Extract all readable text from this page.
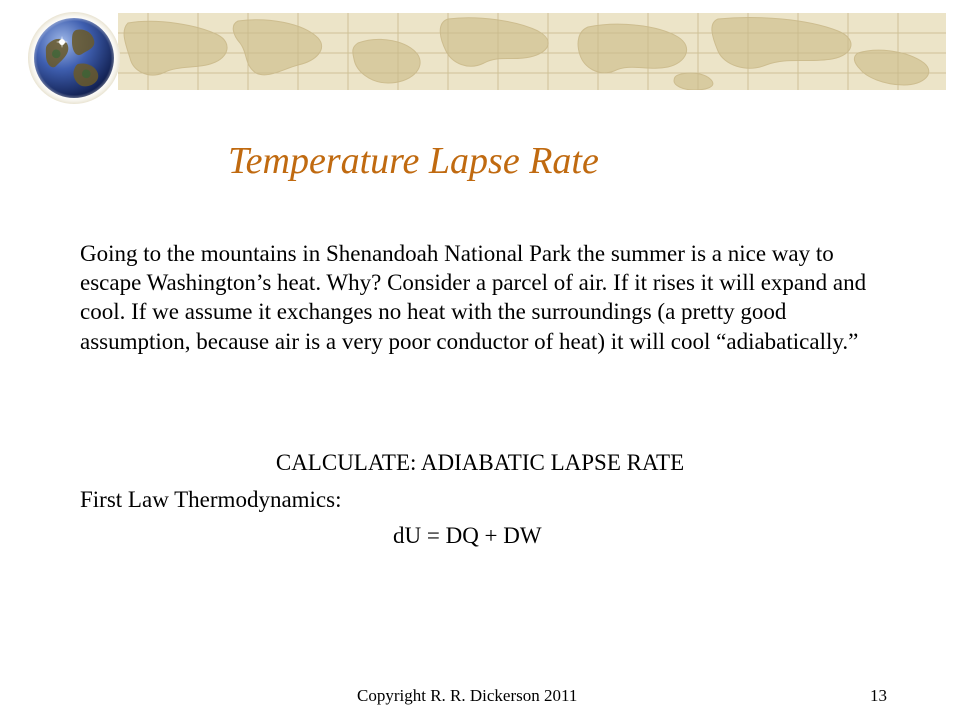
Temperature Lapse Rate

Going to the mountains in Shenandoah National Park the summer is a nice way to escape Washington’s heat. Why? Consider a parcel of air. If it rises it will expand and cool. If we assume it exchanges no heat with the surroundings (a pretty good assumption, because air is a very poor conductor of heat) it will cool “adiabatically.”

CALCULATE: ADIABATIC LAPSE RATE
First Law Thermodynamics:
dU = DQ + DW
Copyright R. R. Dickerson 2011	13
